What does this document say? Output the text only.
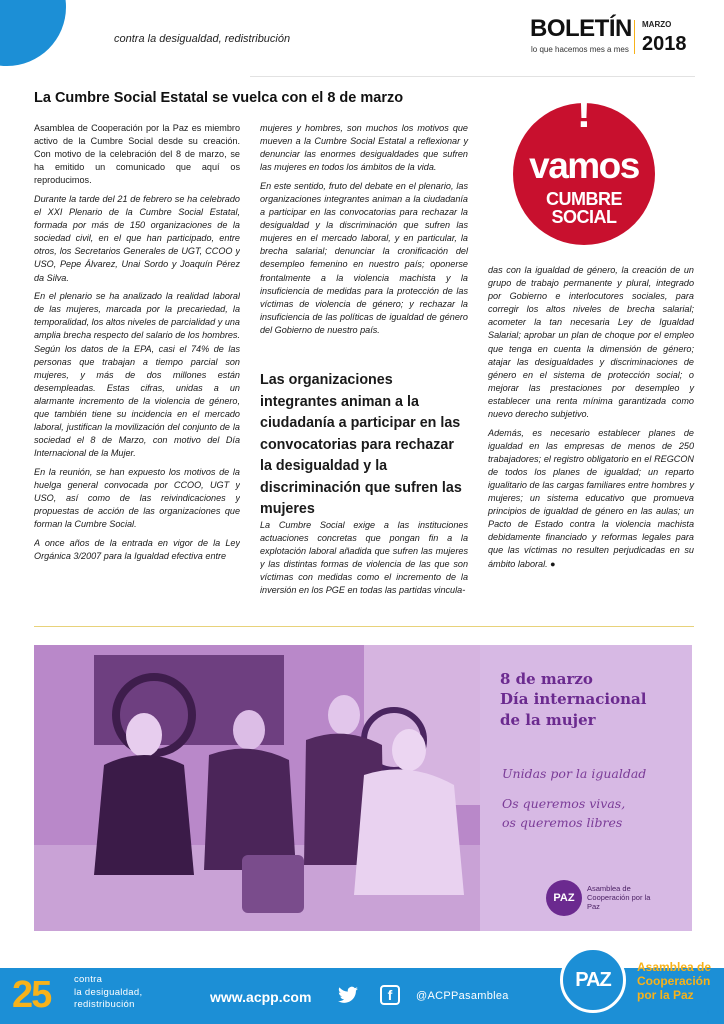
contra la desigualdad, redistribución	BOLETÍN
lo que hacemos mes a mes
MARZO
2018
La Cumbre Social Estatal se vuelca con el 8 de marzo

Asamblea de Cooperación por la Paz es miembro activo de la Cumbre Social desde su creación. Con motivo de la celebración del 8 de marzo, se ha emitido un comunicado que aquí os reproducimos.

Durante la tarde del 21 de febrero se ha celebrado el XXI Plenario de la Cumbre Social Estatal, formada por más de 150 organizaciones de la sociedad civil, en el que han participado, entre otros, los Secretarios Generales de UGT, CCOO y USO, Pepe Álvarez, Unai Sordo y Joaquín Pérez da Silva.

En el plenario se ha analizado la realidad laboral de las mujeres, marcada por la precariedad, la temporalidad, los altos niveles de parcialidad y una amplia brecha respecto del salario de los hombres. Según los datos de la EPA, casi el 74% de las personas que trabajan a tiempo parcial son mujeres, y más de dos millones están desempleadas. Estas cifras, unidas a un alarmante incremento de la violencia de género, que también tiene su incidencia en el mercado laboral, justifican la movilización del conjunto de la sociedad el 8 de Marzo, con motivo del Día Internacional de la Mujer.

En la reunión, se han expuesto los motivos de la huelga general convocada por CCOO, UGT y USO, así como de las reivindicaciones y propuestas de acción de las organizaciones que forman la Cumbre Social.

A once años de la entrada en vigor de la Ley Orgánica 3/2007 para la Igualdad efectiva entre

mujeres y hombres, son muchos los motivos que mueven a la Cumbre Social Estatal a reflexionar y denunciar las enormes desigualdades que sufren las mujeres en todos los ámbitos de la vida.

En este sentido, fruto del debate en el plenario, las organizaciones integrantes animan a la ciudadanía a participar en las convocatorias para rechazar la desigualdad y la discriminación que sufren las mujeres en el mercado laboral, y en particular, la brecha salarial; denunciar la cronificación del desempleo femenino en nuestro país; oponerse frontalmente a la violencia machista y la insuficiencia de medidas para la protección de las víctimas de violencia de género; y rechazar la insuficiencia de las políticas de igualdad de género del Gobierno de nuestro país.

Las organizaciones integrantes animan a la ciudadanía a participar en las convocatorias para rechazar la desigualdad y la discriminación que sufren las mujeres

La Cumbre Social exige a las instituciones actuaciones concretas que pongan fin a la explotación laboral añadida que sufren las mujeres y las distintas formas de violencia de las que son víctimas con medidas como el incremento de la inversión en los PGE en todas las partidas vincula-

!
vamos
CUMBRE
SOCIAL

das con la igualdad de género, la creación de un grupo de trabajo permanente y plural, integrado por Gobierno e interlocutores sociales, para corregir los altos niveles de brecha salarial; acometer la tan necesaria Ley de Igualdad Salarial; aprobar un plan de choque por el empleo que tenga en cuenta la dimensión de género; atajar las desigualdades y discriminaciones de género en el sistema de protección social; o mejorar las prestaciones por desempleo y establecer una renta mínima garantizada como nuevo derecho subjetivo.

Además, es necesario establecer planes de igualdad en las empresas de menos de 250 trabajadores; el registro obligatorio en el REGCON de todos los planes de igualdad; un reparto igualitario de las cargas familiares entre hombres y mujeres; un sistema educativo que promueva principios de igualdad de género en las aulas; un Pacto de Estado contra la violencia machista debidamente financiado y reformas legales para que las víctimas no resulten perjudicadas en su ámbito laboral. ●

8 de marzo
Día internacional
de la mujer
Unidas por la igualdad
Os queremos vivas,
os queremos libres
PAZ
Asamblea de Cooperación por la Paz
25 contra
la desigualdad,
redistribución	www.acpp.com	f	@ACPPasamblea
PAZ
Asamblea de Cooperación por la Paz
1
